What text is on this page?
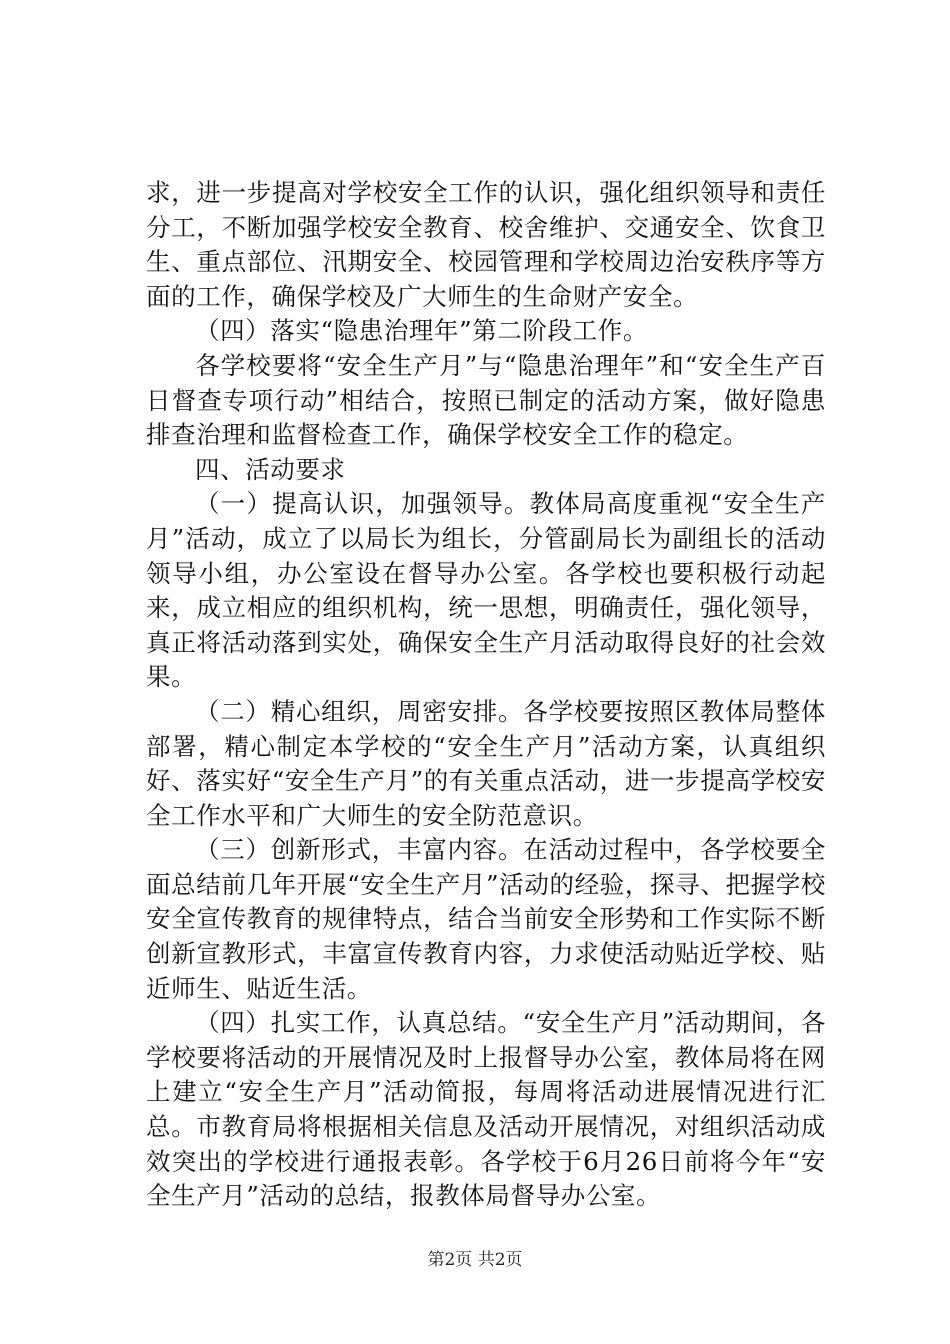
求，进一步提高对学校安全工作的认识，强化组织领导和责任分工，不断加强学校安全教育、校舍维护、交通安全、饮食卫生、重点部位、汛期安全、校园管理和学校周边治安秩序等方面的工作，确保学校及广大师生的生命财产安全。

（四）落实“隐患治理年”第二阶段工作。

各学校要将“安全生产月”与“隐患治理年”和“安全生产百日督查专项行动”相结合，按照已制定的活动方案，做好隐患排查治理和监督检查工作，确保学校安全工作的稳定。

四、活动要求

（一）提高认识，加强领导。教体局高度重视“安全生产月”活动，成立了以局长为组长，分管副局长为副组长的活动领导小组，办公室设在督导办公室。各学校也要积极行动起来，成立相应的组织机构，统一思想，明确责任，强化领导，真正将活动落到实处，确保安全生产月活动取得良好的社会效果。

（二）精心组织，周密安排。各学校要按照区教体局整体部署，精心制定本学校的“安全生产月”活动方案，认真组织好、落实好“安全生产月”的有关重点活动，进一步提高学校安全工作水平和广大师生的安全防范意识。

（三）创新形式，丰富内容。在活动过程中，各学校要全面总结前几年开展“安全生产月”活动的经验，探寻、把握学校安全宣传教育的规律特点，结合当前安全形势和工作实际不断创新宣教形式，丰富宣传教育内容，力求使活动贴近学校、贴近师生、贴近生活。

（四）扎实工作，认真总结。“安全生产月”活动期间，各学校要将活动的开展情况及时上报督导办公室，教体局将在网上建立“安全生产月”活动简报，每周将活动进展情况进行汇总。市教育局将根据相关信息及活动开展情况，对组织活动成效突出的学校进行通报表彰。各学校于6月26日前将今年“安全生产月”活动的总结，报教体局督导办公室。

第2页 共2页
